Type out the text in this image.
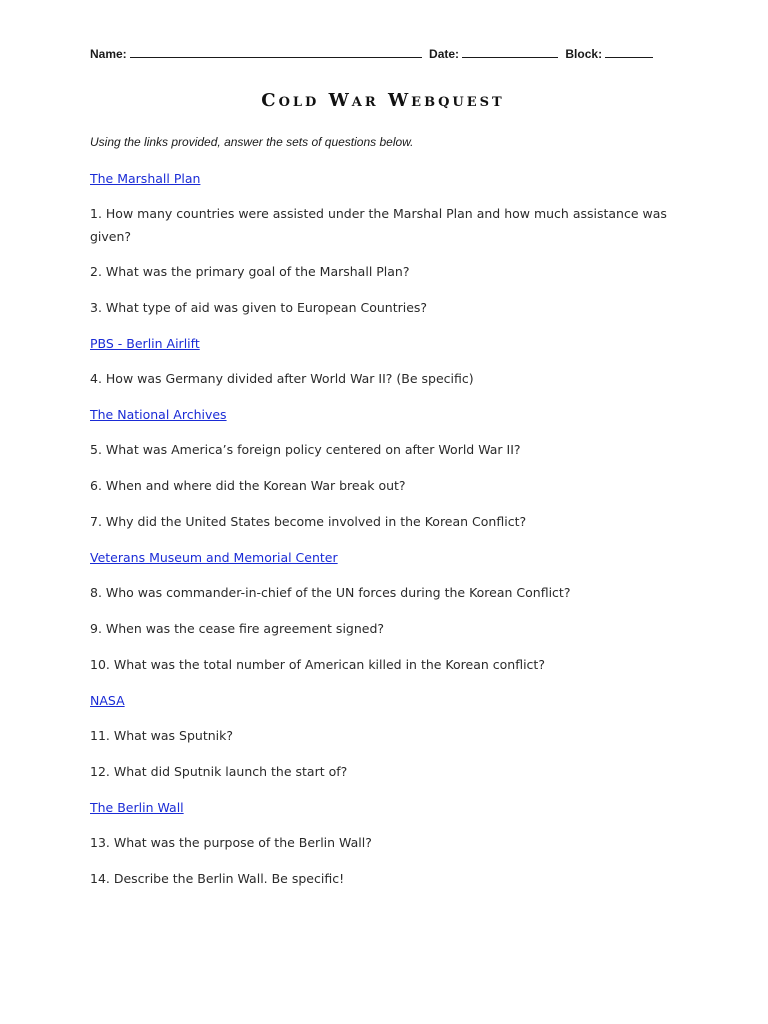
Name:	Date:	Block:
Cold War Webquest
Using the links provided, answer the sets of questions below.
The Marshall Plan
1. How many countries were assisted under the Marshal Plan and how much assistance was given?
2. What was the primary goal of the Marshall Plan?
3. What type of aid was given to European Countries?
PBS - Berlin Airlift
4. How was Germany divided after World War II? (Be specific)
The National Archives
5. What was America’s foreign policy centered on after World War II?
6. When and where did the Korean War break out?
7. Why did the United States become involved in the Korean Conflict?
Veterans Museum and Memorial Center
8. Who was commander-in-chief of the UN forces during the Korean Conflict?
9. When was the cease fire agreement signed?
10. What was the total number of American killed in the Korean conflict?
NASA
11. What was Sputnik?
12. What did Sputnik launch the start of?
The Berlin Wall
13. What was the purpose of the Berlin Wall?
14. Describe the Berlin Wall. Be specific!
